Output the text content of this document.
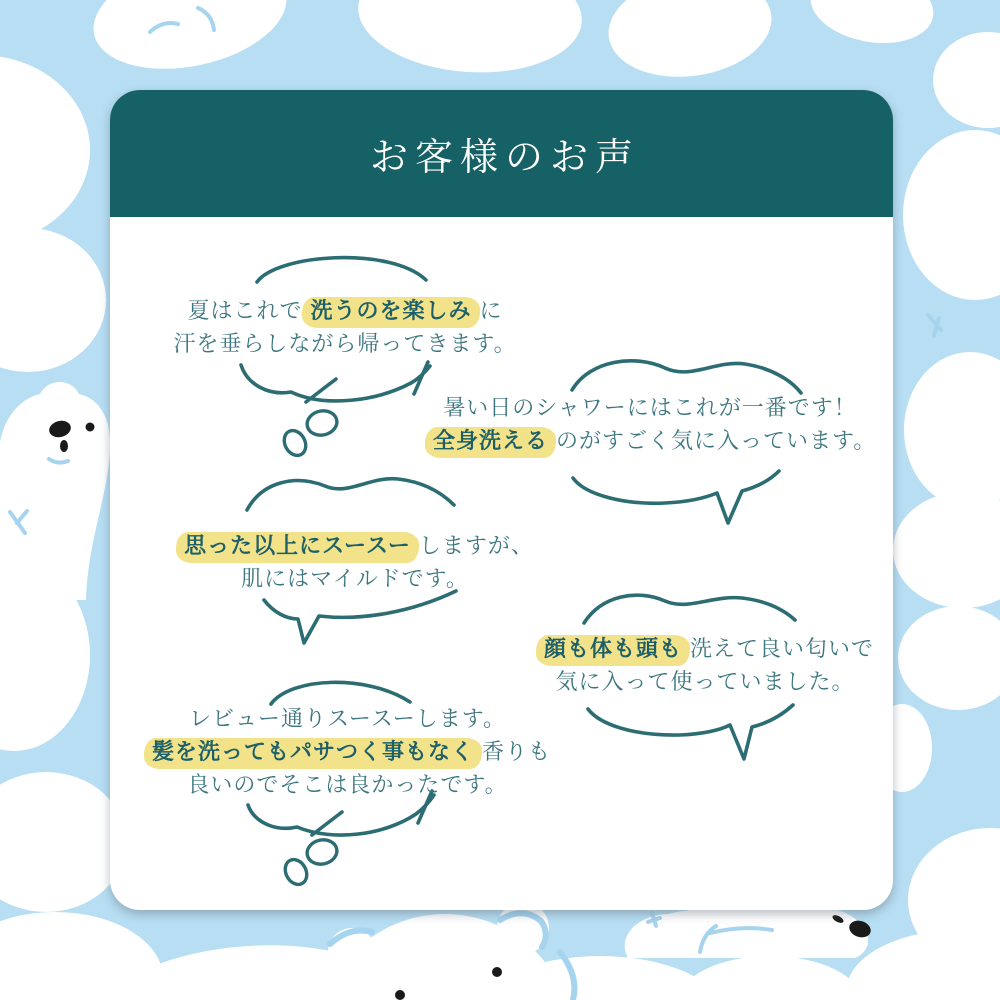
お客様のお声
夏はこれで 洗うのを楽しみ に
汗を垂らしながら帰ってきます。
暑い日のシャワーにはこれが一番です！
全身洗える のがすごく気に入っています。
思った以上にスースー しますが、
肌にはマイルドです。
顔も体も頭も 洗えて良い匂いで
気に入って使っていました。
レビュー通りスースーします。
髪を洗ってもパサつく事もなく 香りも
良いのでそこは良かったです。
